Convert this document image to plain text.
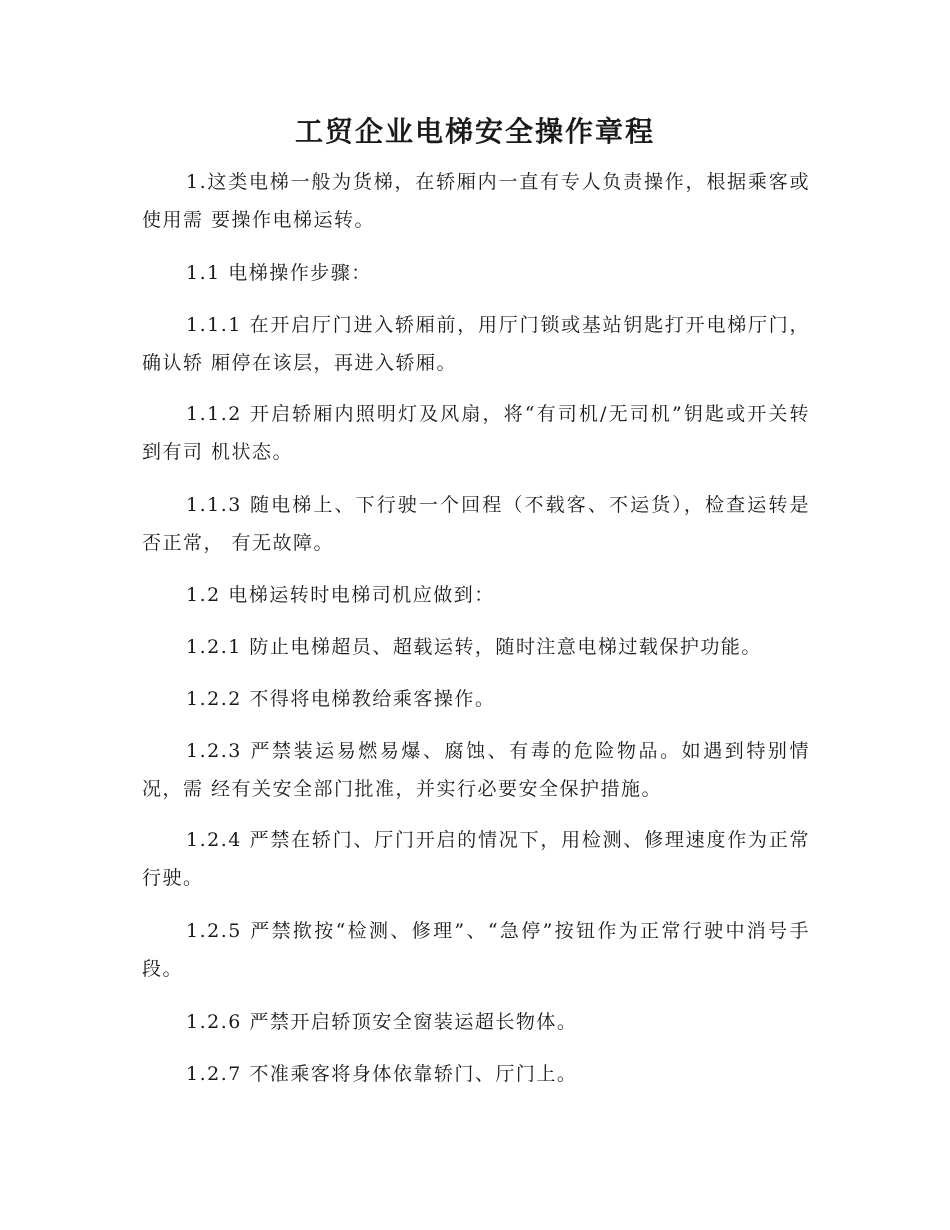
工贸企业电梯安全操作章程

1.这类电梯一般为货梯，在轿厢内一直有专人负责操作，根据乘客或使用需 要操作电梯运转。

1.1 电梯操作步骤：

1.1.1 在开启厅门进入轿厢前，用厅门锁或基站钥匙打开电梯厅门，确认轿 厢停在该层，再进入轿厢。

1.1.2 开启轿厢内照明灯及风扇，将“有司机/无司机”钥匙或开关转到有司 机状态。

1.1.3 随电梯上、下行驶一个回程（不载客、不运货），检查运转是否正常， 有无故障。

1.2 电梯运转时电梯司机应做到：

1.2.1 防止电梯超员、超载运转，随时注意电梯过载保护功能。

1.2.2 不得将电梯教给乘客操作。

1.2.3 严禁装运易燃易爆、腐蚀、有毒的危险物品。如遇到特别情况，需 经有关安全部门批准，并实行必要安全保护措施。

1.2.4 严禁在轿门、厅门开启的情况下，用检测、修理速度作为正常行驶。

1.2.5 严禁揿按“检测、修理”、“急停”按钮作为正常行驶中消号手段。

1.2.6 严禁开启轿顶安全窗装运超长物体。

1.2.7 不准乘客将身体依靠轿门、厅门上。
